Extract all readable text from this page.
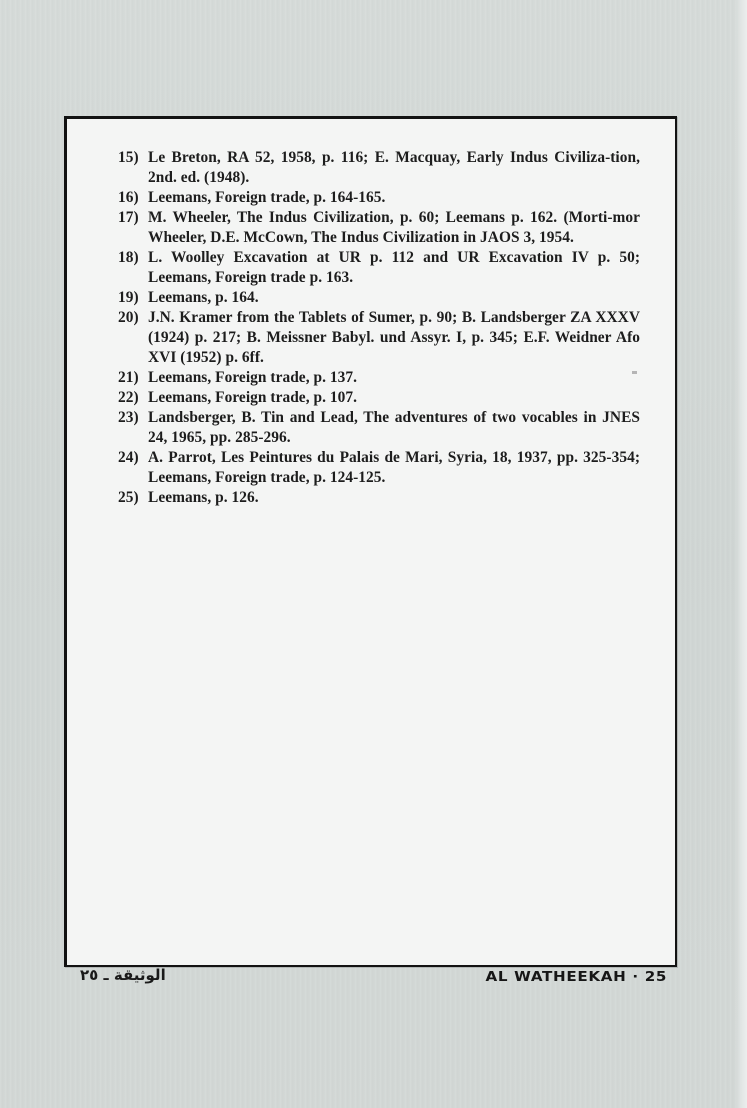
15) Le Breton, RA 52, 1958, p. 116; E. Macquay, Early Indus Civiliza-tion, 2nd. ed. (1948).
16) Leemans, Foreign trade, p. 164-165.
17) M. Wheeler, The Indus Civilization, p. 60; Leemans p. 162. (Morti-mor Wheeler, D.E. McCown, The Indus Civilization in JAOS 3, 1954.
18) L. Woolley Excavation at UR p. 112 and UR Excavation IV p. 50; Leemans, Foreign trade p. 163.
19) Leemans, p. 164.
20) J.N. Kramer from the Tablets of Sumer, p. 90; B. Landsberger ZA XXXV (1924) p. 217; B. Meissner Babyl. und Assyr. I, p. 345; E.F. Weidner Afo XVI (1952) p. 6ff.
21) Leemans, Foreign trade, p. 137.
22) Leemans, Foreign trade, p. 107.
23) Landsberger, B. Tin and Lead, The adventures of two vocables in JNES 24, 1965, pp. 285-296.
24) A. Parrot, Les Peintures du Palais de Mari, Syria, 18, 1937, pp. 325-354; Leemans, Foreign trade, p. 124-125.
25) Leemans, p. 126.
الوثيقة ـ ٢٥	AL WATHEEKAH · 25
